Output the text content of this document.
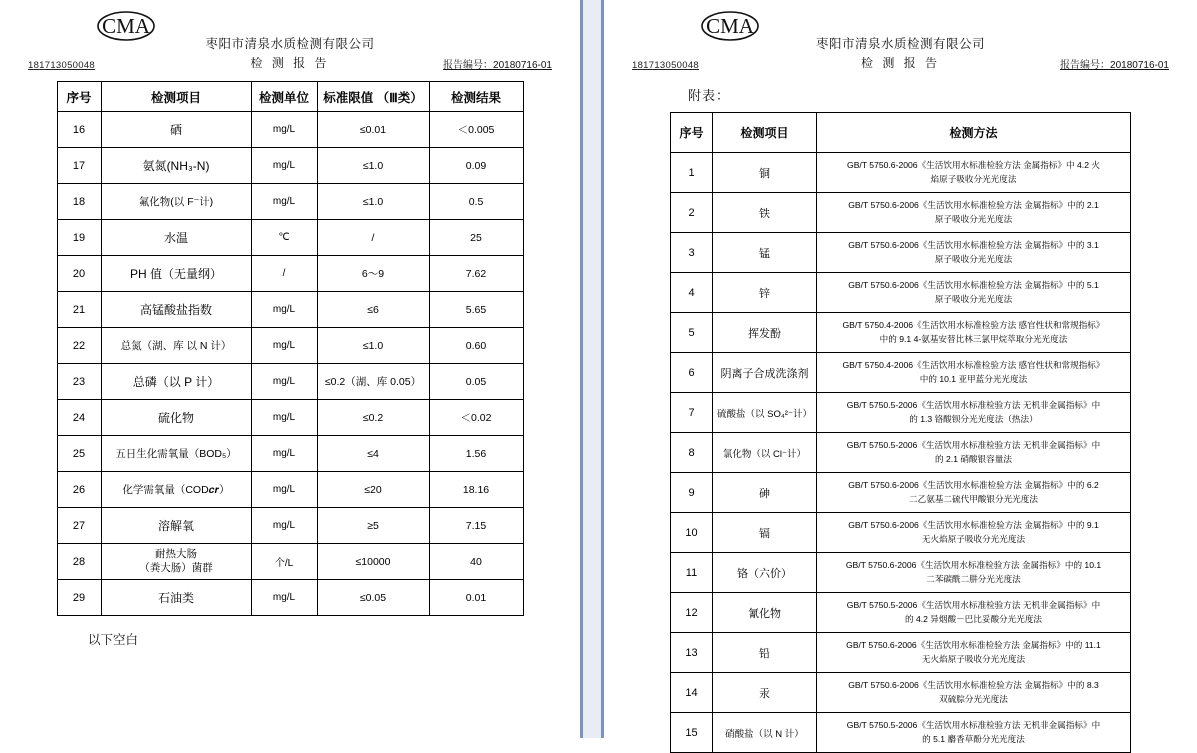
CMA
枣阳市清泉水质检测有限公司
181713050048	检 测 报 告	报告编号：20180716-01
序号	检测项目	检测单位	标准限值 （Ⅲ类）	检测结果
16	硒	mg/L	≤0.01	＜0.005
17	氨氮(NH₃-N)	mg/L	≤1.0	0.09
18	氟化物(以 F⁻计)	mg/L	≤1.0	0.5
19	水温	℃	/	25
20	PH 值（无量纲）	/	6～9	7.62
21	高锰酸盐指数	mg/L	≤6	5.65
22	总氮（湖、库 以 N 计）	mg/L	≤1.0	0.60
23	总磷（以 P 计）	mg/L	≤0.2（湖、库 0.05）	0.05
24	硫化物	mg/L	≤0.2	＜0.02
25	五日生化需氧量（BOD₅）	mg/L	≤4	1.56
26	化学需氧量（COD𝒄𝒓）	mg/L	≤20	18.16
27	溶解氧	mg/L	≥5	7.15
28	耐热大肠
（粪大肠）菌群	个/L	≤10000	40
29	石油类	mg/L	≤0.05	0.01
以下空白
CMA
枣阳市清泉水质检测有限公司
181713050048	检 测 报 告	报告编号：20180716-01
附表：
序号	检测项目	检测方法
1	铜	GB/T 5750.6-2006《生活饮用水标准检验方法 金属指标》中 4.2 火
焰原子吸收分光光度法
2	铁	GB/T 5750.6-2006《生活饮用水标准检验方法 金属指标》中的 2.1
原子吸收分光光度法
3	锰	GB/T 5750.6-2006《生活饮用水标准检验方法 金属指标》中的 3.1
原子吸收分光光度法
4	锌	GB/T 5750.6-2006《生活饮用水标准检验方法 金属指标》中的 5.1
原子吸收分光光度法
5	挥发酚	GB/T 5750.4-2006《生活饮用水标准检验方法 感官性状和常规指标》
中的 9.1 4-氨基安替比林三氯甲烷萃取分光光度法
6	阴离子合成洗涤剂	GB/T 5750.4-2006《生活饮用水标准检验方法 感官性状和常规指标》
中的 10.1 亚甲蓝分光光度法
7	硫酸盐（以 SO₄²⁻计）	GB/T 5750.5-2006《生活饮用水标准检验方法 无机非金属指标》中
的 1.3 铬酸钡分光光度法（热法）
8	氯化物（以 Cl⁻计）	GB/T 5750.5-2006《生活饮用水标准检验方法 无机非金属指标》中
的 2.1 硝酸银容量法
9	砷	GB/T 5750.6-2006《生活饮用水标准检验方法 金属指标》中的 6.2
二乙氨基二硫代甲酸银分光光度法
10	镉	GB/T 5750.6-2006《生活饮用水标准检验方法 金属指标》中的 9.1
无火焰原子吸收分光光度法
11	铬（六价）	GB/T 5750.6-2006《生活饮用水标准检验方法 金属指标》中的 10.1
二苯碳酰二肼分光光度法
12	氰化物	GB/T 5750.5-2006《生活饮用水标准检验方法 无机非金属指标》中
的 4.2 异烟酸－巴比妥酸分光光度法
13	铅	GB/T 5750.6-2006《生活饮用水标准检验方法 金属指标》中的 11.1
无火焰原子吸收分光光度法
14	汞	GB/T 5750.6-2006《生活饮用水标准检验方法 金属指标》中的 8.3
双硫腙分光光度法
15	硝酸盐（以 N 计）	GB/T 5750.5-2006《生活饮用水标准检验方法 无机非金属指标》中
的 5.1 麝香草酚分光光度法
